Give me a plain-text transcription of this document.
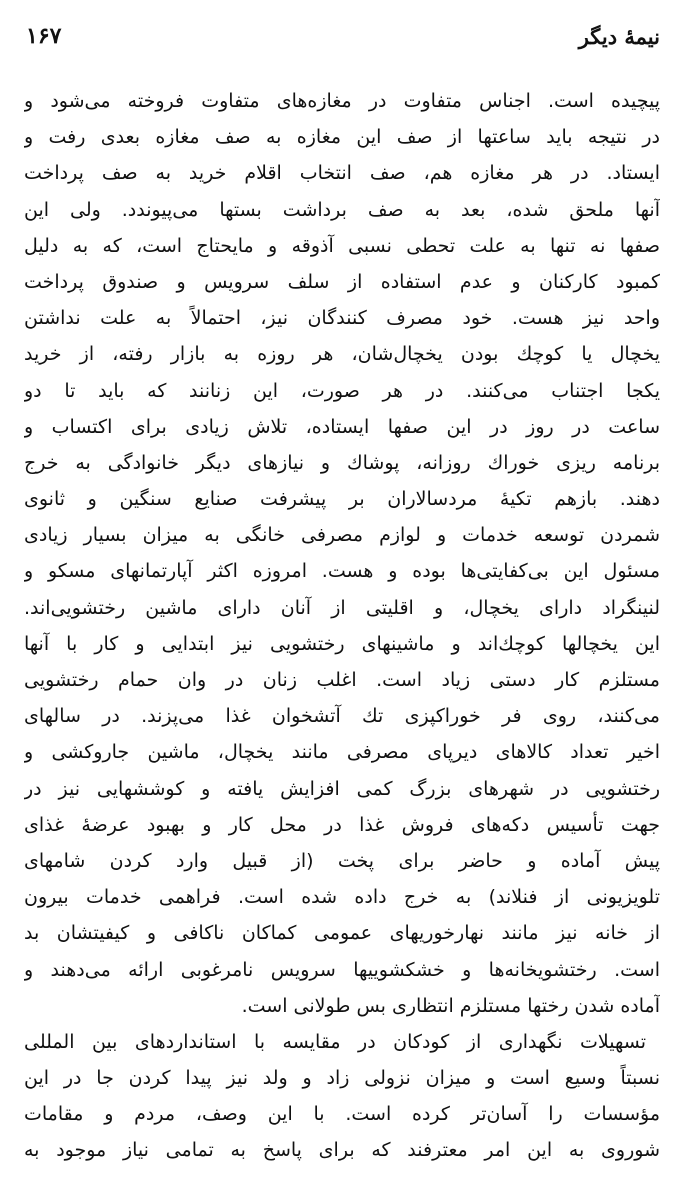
۱۶۷	نیمهٔ دیگر
پیچیده است. اجناس متفاوت در مغازه‌های متفاوت فروخته می‌شود و
در نتیجه باید ساعتها از صف این مغازه به صف مغازه بعدی رفت و
ایستاد. در هر مغازه هم، صف انتخاب اقلام خرید به صف پرداخت
آنها ملحق شده، بعد به صف برداشت بستها می‌پیوندد. ولی این
صفها نه تنها به علت تحطی نسبی آذوقه و مایحتاج است، که به دلیل
کمبود کارکنان و عدم استفاده از سلف سرویس و صندوق پرداخت
واحد نیز هست. خود مصرف کنندگان نیز، احتمالاً به علت نداشتن
یخچال یا کوچك بودن یخچال‌شان، هر روزه به بازار رفته، از خرید
یکجا اجتناب می‌کنند. در هر صورت، این زنانند که باید تا دو
ساعت در روز در این صفها ایستاده، تلاش زیادی برای اکتساب و
برنامه ریزی خوراك روزانه، پوشاك و نیازهای دیگر خانوادگی به خرج
دهند. بازهم تکیهٔ مردسالاران بر پیشرفت صنایع سنگین و ثانوی
شمردن توسعه خدمات و لوازم مصرفی خانگی به میزان بسیار زیادی
مسئول این بی‌کفایتی‌ها بوده و هست. امروزه اکثر آپارتمانهای مسکو و
لنینگراد دارای یخچال، و اقلیتی از آنان دارای ماشین رختشویی‌اند.
این یخچالها کوچك‌اند و ماشینهای رختشویی نیز ابتدایی و کار با آنها
مستلزم کار دستی زیاد است. اغلب زنان در وان حمام رختشویی
می‌کنند، روی فر خوراکپزی تك آتشخوان غذا می‌پزند. در سالهای
اخیر تعداد کالاهای دیرپای مصرفی مانند یخچال، ماشین جاروکشی و
رختشویی در شهرهای بزرگ کمی افزایش یافته و کوششهایی نیز در
جهت تأسیس دکه‌های فروش غذا در محل کار و بهبود عرضهٔ غذای
پیش آماده و حاضر برای پخت (از قبیل وارد کردن شامهای
تلویزیونی از فنلاند) به خرج داده شده است. فراهمی خدمات بیرون
از خانه نیز مانند نهارخوریهای عمومی کماکان ناکافی و کیفیتشان بد
است. رختشویخانه‌ها و خشکشوییها سرویس نامرغوبی ارائه می‌دهند و
آماده شدن رختها مستلزم انتظاری بس طولانی است.
تسهیلات نگهداری از کودکان در مقایسه با استانداردهای بین المللی
نسبتاً وسیع است و میزان نزولی زاد و ولد نیز پیدا کردن جا در این
مؤسسات را آسان‌تر کرده است. با این وصف، مردم و مقامات
شوروی به این امر معترفند که برای پاسخ به تمامی نیاز موجود به
